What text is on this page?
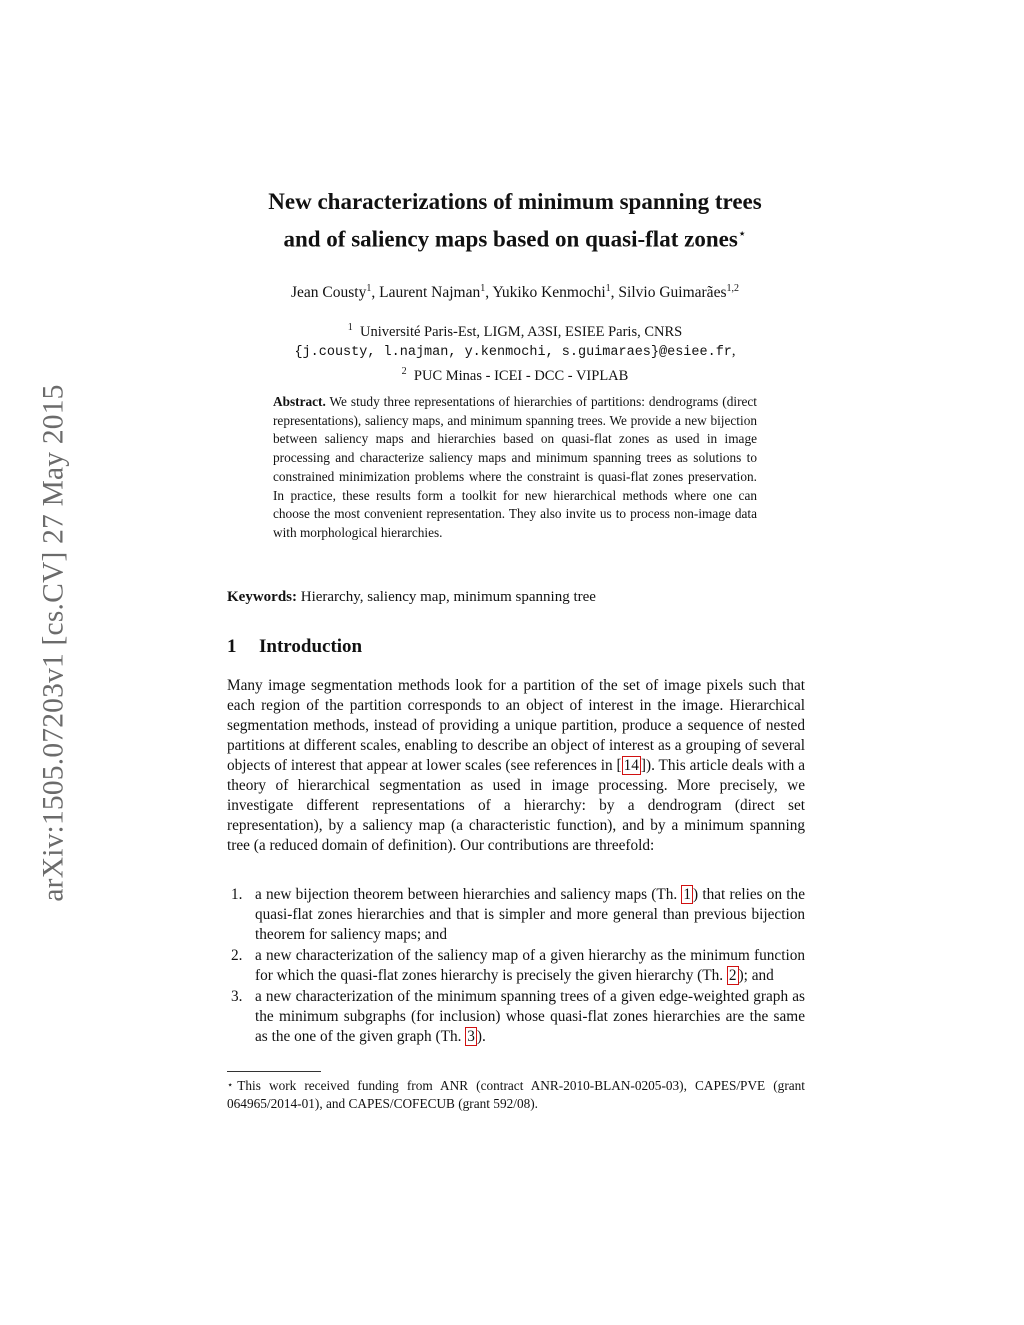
arXiv:1505.07203v1 [cs.CV] 27 May 2015
New characterizations of minimum spanning trees
and of saliency maps based on quasi-flat zones⋆
Jean Cousty$^1$, Laurent Najman$^1$, Yukiko Kenmochi$^1$, Silvio Guimarães$^{1,2}$
$^1$ Université Paris-Est, LIGM, A3SI, ESIEE Paris, CNRS
{j.cousty, l.najman, y.kenmochi, s.guimaraes}@esiee.fr,
$^2$ PUC Minas - ICEI - DCC - VIPLAB
Abstract. We study three representations of hierarchies of partitions: dendrograms (direct representations), saliency maps, and minimum spanning trees. We provide a new bijection between saliency maps and hierarchies based on quasi-flat zones as used in image processing and characterize saliency maps and minimum spanning trees as solutions to constrained minimization problems where the constraint is quasi-flat zones preservation. In practice, these results form a toolkit for new hierarchical methods where one can choose the most convenient representation. They also invite us to process non-image data with morphological hierarchies.
Keywords: Hierarchy, saliency map, minimum spanning tree
1 Introduction
Many image segmentation methods look for a partition of the set of image pixels such that each region of the partition corresponds to an object of interest in the image. Hierarchical segmentation methods, instead of providing a unique partition, produce a sequence of nested partitions at different scales, enabling to describe an object of interest as a grouping of several objects of interest that appear at lower scales (see references in [ 14 ]). This article deals with a theory of hierarchical segmentation as used in image processing. More precisely, we investigate different representations of a hierarchy: by a dendrogram (direct set representation), by a saliency map (a characteristic function), and by a minimum spanning tree (a reduced domain of definition). Our contributions are threefold:
1. a new bijection theorem between hierarchies and saliency maps (Th. 1 ) that relies on the quasi-flat zones hierarchies and that is simpler and more general than previous bijection theorem for saliency maps; and
2. a new characterization of the saliency map of a given hierarchy as the minimum function for which the quasi-flat zones hierarchy is precisely the given hierarchy (Th. 2 ); and
3. a new characterization of the minimum spanning trees of a given edge-weighted graph as the minimum subgraphs (for inclusion) whose quasi-flat zones hierarchies are the same as the one of the given graph (Th. 3 ).
⋆ This work received funding from ANR (contract ANR-2010-BLAN-0205-03), CAPES/PVE (grant 064965/2014-01), and CAPES/COFECUB (grant 592/08).
